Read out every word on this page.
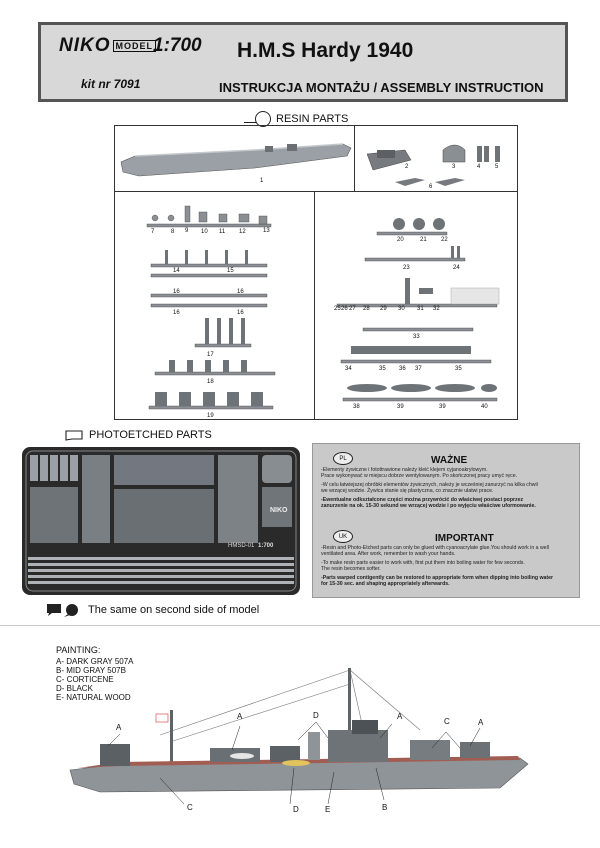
NIKO MODEL 1:700
kit nr 7091
H.M.S Hardy 1940
INSTRUKCJA MONTAŻU / ASSEMBLY INSTRUCTION
RESIN PARTS
1
2	3	4 5
6
7	8 9 10 11 12	13
14	15
16	16
16	16
17
18
19
20	21 22
23	24
25 26 27 28 29 30 31 32
33
34	35 36 37	35
38	39	39	40
PHOTOETCHED PARTS
HMSD-01 1:700
NIKO
PL	WAŻNE
-Elementy żywiczne i fotottrawione należy kleić klejem cyjanoakrylowym.
Prace wykonywać w miejscu dobrze wentylowanym. Po skończonej pracy umyć ręce.
-W celu łatwiejszej obróbki elementów żywicznych, należy je wcześniej zanurzyć na kilka chwil
we wrzącej wodzie. Żywica stanie się plastyczna, co znacznie ułatwi prace.
-Ewentualne odkształcone części można przywrócić do właściwej postaci poprzez
zanurzenie na ok. 15-30 sekund we wrzącej wodzie i po wyjęciu właściwe uformowanie.
UK	IMPORTANT
-Resin and Photo-Etched parts can only be glued with cyanoacrylate glue.You should work in a well
ventilated area. After work, remember to wash your hands.
-To make resin parts easier to work with, first put them into boiling water for few seconds.
The resin becomes softer.
-Parts warped contigently can be restored to appropriate form when dipping into boiling water
for 15-30 sec. and shaping appropriately afterwards.
The same on second side of model
PAINTING:
A- DARK GRAY 507A
B- MID GRAY 507B
C- CORTICENE
D- BLACK
E- NATURAL WOOD
A
D
A
C
A
A
C	D	E	B
